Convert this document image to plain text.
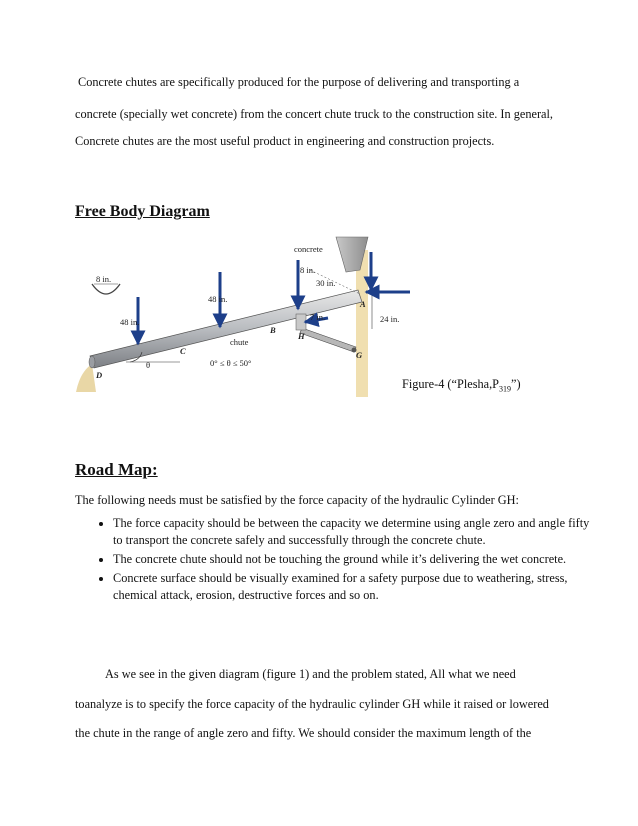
Concrete chutes are specifically produced for the purpose of delivering and transporting a

concrete (specially wet concrete) from the concert chute truck to the construction site. In general,

Concrete chutes are the most useful product in engineering and construction projects.

Free Body Diagram
concrete
8 in.
30 in.
8 in.
48 in.
48 in.	7 in.	24 in.
chute
0° ≤ θ ≤ 50°
θ
A
B
C
D
G
H
Figure-4 $(“Plesha,P_{319}”)$
Road Map:

The following needs must be satisfied by the force capacity of the hydraulic Cylinder GH:

• The force capacity should be between the capacity we determine using angle zero and angle fifty to transport the concrete safely and successfully through the concrete chute.
• The concrete chute should not be touching the ground while it’s delivering the wet concrete.
• Concrete surface should be visually examined for a safety purpose due to weathering, stress, chemical attack, erosion, destructive forces and so on.

As we see in the given diagram (figure 1) and the problem stated, All what we need

toanalyze is to specify the force capacity of the hydraulic cylinder GH while it raised or lowered

the chute in the range of angle zero and fifty. We should consider the maximum length of the
